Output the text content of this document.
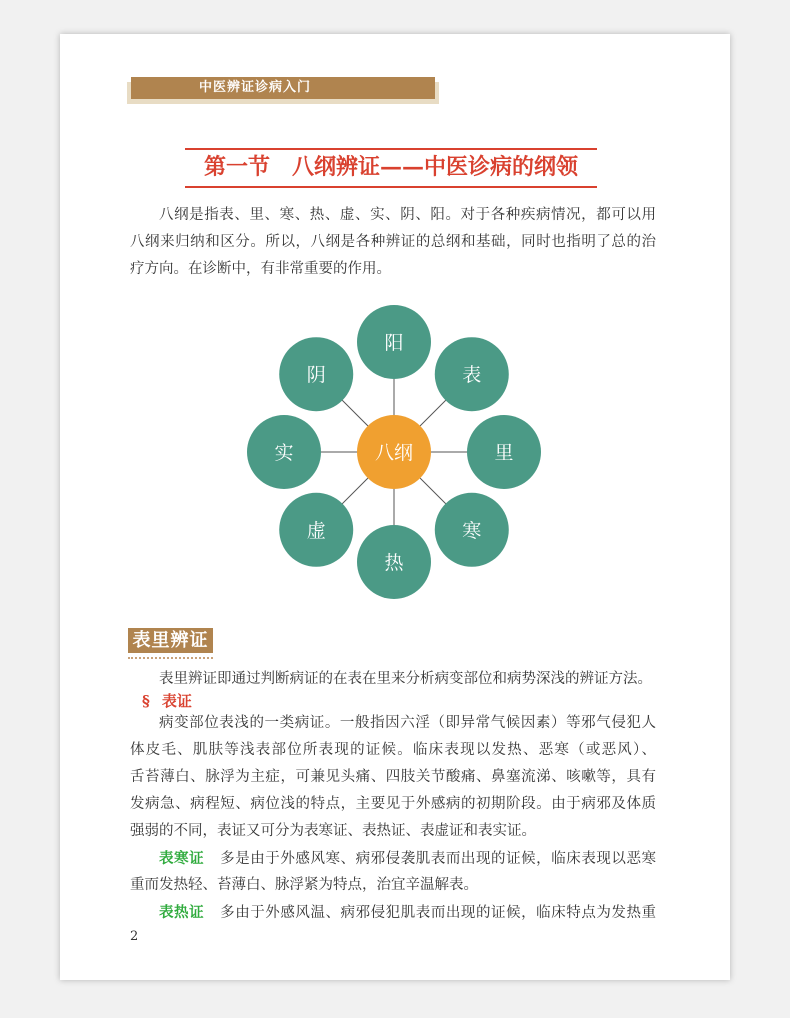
中医辨证诊病入门
第一节　八纲辨证——中医诊病的纲领
八纲是指表、里、寒、热、虚、实、阴、阳。对于各种疾病情况，都可以用
八纲来归纳和区分。所以，八纲是各种辨证的总纲和基础，同时也指明了总的治
疗方向。在诊断中，有非常重要的作用。
阳
表
里
寒
热
虚
实
阴
八纲
表里辨证
表里辨证即通过判断病证的在表在里来分析病变部位和病势深浅的辨证方法。
§ 表证
病变部位表浅的一类病证。一般指因六淫（即异常气候因素）等邪气侵犯人
体皮毛、肌肤等浅表部位所表现的证候。临床表现以发热、恶寒（或恶风）、
舌苔薄白、脉浮为主症，可兼见头痛、四肢关节酸痛、鼻塞流涕、咳嗽等，具有
发病急、病程短、病位浅的特点，主要见于外感病的初期阶段。由于病邪及体质
强弱的不同，表证又可分为表寒证、表热证、表虚证和表实证。
表寒证 多是由于外感风寒、病邪侵袭肌表而出现的证候，临床表现以恶寒
重而发热轻、苔薄白、脉浮紧为特点，治宜辛温解表。
表热证 多由于外感风温、病邪侵犯肌表而出现的证候，临床特点为发热重
2
